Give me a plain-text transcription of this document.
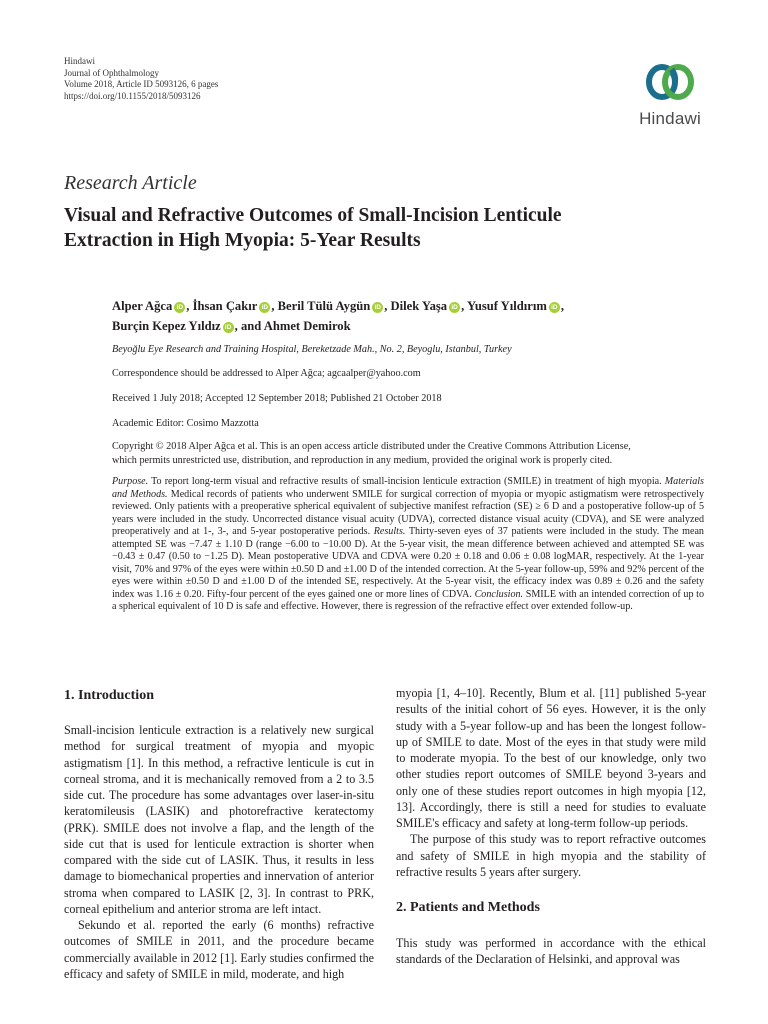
Hindawi
Journal of Ophthalmology
Volume 2018, Article ID 5093126, 6 pages
https://doi.org/10.1155/2018/5093126
Hindawi
Research Article
Visual and Refractive Outcomes of Small-Incision Lenticule
Extraction in High Myopia: 5-Year Results
Alper Ağca iD , İhsan Çakır iD , Beril Tülü Aygün iD , Dilek Yaşa iD , Yusuf Yıldırım iD ,
Burçin Kepez Yıldız iD , and Ahmet Demirok
Beyoğlu Eye Research and Training Hospital, Bereketzade Mah., No. 2, Beyoglu, Istanbul, Turkey
Correspondence should be addressed to Alper Ağca; agcaalper@yahoo.com
Received 1 July 2018; Accepted 12 September 2018; Published 21 October 2018
Academic Editor: Cosimo Mazzotta
Copyright © 2018 Alper Ağca et al. This is an open access article distributed under the Creative Commons Attribution License,
which permits unrestricted use, distribution, and reproduction in any medium, provided the original work is properly cited.
Purpose. To report long-term visual and refractive results of small-incision lenticule extraction (SMILE) in treatment of high myopia. Materials and Methods. Medical records of patients who underwent SMILE for surgical correction of myopia or myopic astigmatism were retrospectively reviewed. Only patients with a preoperative spherical equivalent of subjective manifest refraction (SE) ≥ 6 D and a postoperative follow-up of 5 years were included in the study. Uncorrected distance visual acuity (UDVA), corrected distance visual acuity (CDVA), and SE were analyzed preoperatively and at 1-, 3-, and 5-year postoperative periods. Results. Thirty-seven eyes of 37 patients were included in the study. The mean attempted SE was −7.47 ± 1.10 D (range −6.00 to −10.00 D). At the 5-year visit, the mean difference between achieved and attempted SE was −0.43 ± 0.47 (0.50 to −1.25 D). Mean postoperative UDVA and CDVA were 0.20 ± 0.18 and 0.06 ± 0.08 logMAR, respectively. At the 1-year visit, 70% and 97% of the eyes were within ±0.50 D and ±1.00 D of the intended correction. At the 5-year follow-up, 59% and 92% percent of the eyes were within ±0.50 D and ±1.00 D of the intended SE, respectively. At the 5-year visit, the efficacy index was 0.89 ± 0.26 and the safety index was 1.16 ± 0.20. Fifty-four percent of the eyes gained one or more lines of CDVA. Conclusion. SMILE with an intended correction of up to a spherical equivalent of 10 D is safe and effective. However, there is regression of the refractive effect over extended follow-up.
1. Introduction

Small-incision lenticule extraction is a relatively new surgical method for surgical treatment of myopia and myopic astigmatism [1]. In this method, a refractive lenticule is cut in corneal stroma, and it is mechanically removed from a 2 to 3.5 side cut. The procedure has some advantages over laser-in-situ keratomileusis (LASIK) and photorefractive keratectomy (PRK). SMILE does not involve a flap, and the length of the side cut that is used for lenticule extraction is shorter when compared with the side cut of LASIK. Thus, it results in less damage to biomechanical properties and innervation of anterior stroma when compared to LASIK [2, 3]. In contrast to PRK, corneal epithelium and anterior stroma are left intact.

Sekundo et al. reported the early (6 months) refractive outcomes of SMILE in 2011, and the procedure became commercially available in 2012 [1]. Early studies confirmed the efficacy and safety of SMILE in mild, moderate, and high

myopia [1, 4–10]. Recently, Blum et al. [11] published 5-year results of the initial cohort of 56 eyes. However, it is the only study with a 5-year follow-up and has been the longest follow-up of SMILE to date. Most of the eyes in that study were mild to moderate myopia. To the best of our knowledge, only two other studies report outcomes of SMILE beyond 3-years and only one of these studies report outcomes in high myopia [12, 13]. Accordingly, there is still a need for studies to evaluate SMILE's efficacy and safety at long-term follow-up periods.

The purpose of this study was to report refractive outcomes and safety of SMILE in high myopia and the stability of refractive results 5 years after surgery.

2. Patients and Methods

This study was performed in accordance with the ethical standards of the Declaration of Helsinki, and approval was
